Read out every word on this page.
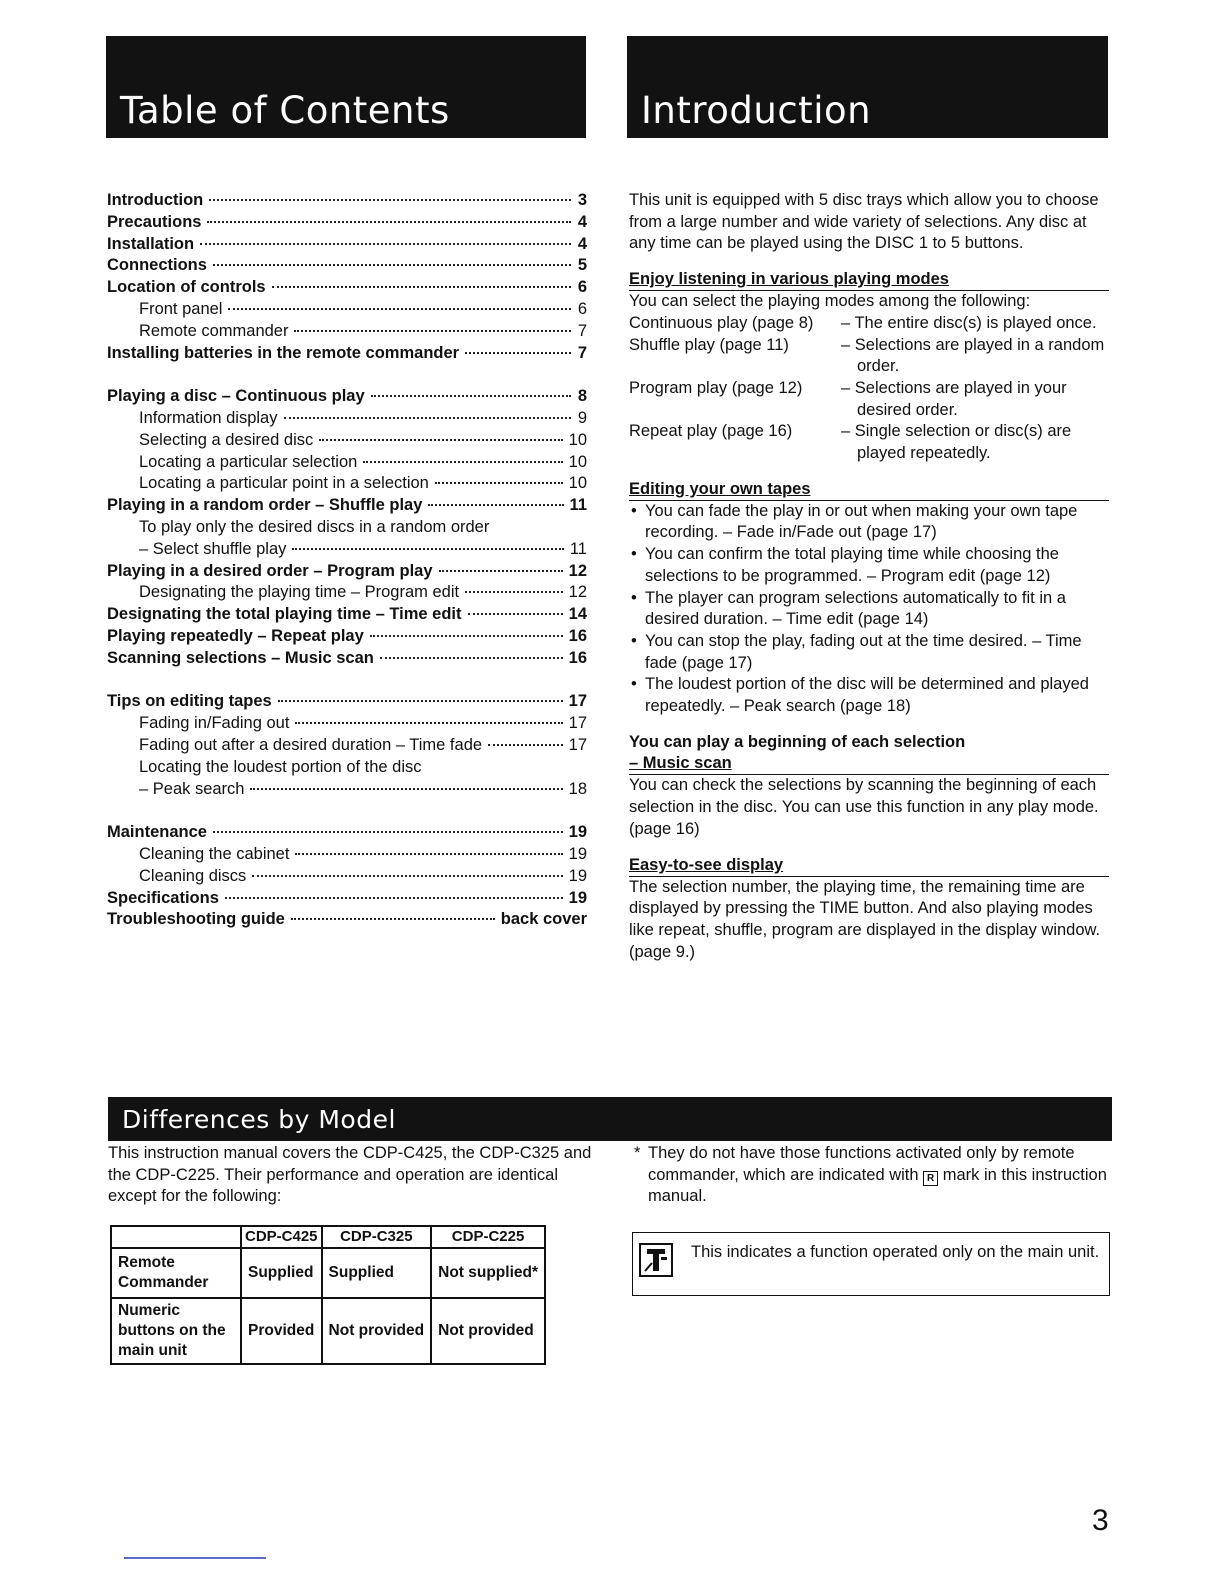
Table of Contents	Introduction
Introduction	3
Precautions	4
Installation	4
Connections	5
Location of controls	6
Front panel	6
Remote commander	7
Installing batteries in the remote commander	7
Playing a disc – Continuous play	8
Information display	9
Selecting a desired disc	10
Locating a particular selection	10
Locating a particular point in a selection	10
Playing in a random order – Shuffle play	11
To play only the desired discs in a random order
– Select shuffle play	11
Playing in a desired order – Program play	12
Designating the playing time – Program edit	12
Designating the total playing time – Time edit	14
Playing repeatedly – Repeat play	16
Scanning selections – Music scan	16
Tips on editing tapes	17
Fading in/Fading out	17
Fading out after a desired duration – Time fade	17
Locating the loudest portion of the disc
– Peak search	18
Maintenance	19
Cleaning the cabinet	19
Cleaning discs	19
Specifications	19
Troubleshooting guide	back cover

This unit is equipped with 5 disc trays which allow you to choose from a large number and wide variety of selections. Any disc at any time can be played using the DISC 1 to 5 buttons.

Enjoy listening in various playing modes

You can select the playing modes among the following:

Continuous play (page 8)	– The entire disc(s) is played once.
Shuffle play (page 11)	– Selections are played in a random order.
Program play (page 12)	– Selections are played in your desired order.
Repeat play (page 16)	– Single selection or disc(s) are played repeatedly.
Editing your own tapes
• You can fade the play in or out when making your own tape recording. – Fade in/Fade out (page 17)
• You can confirm the total playing time while choosing the selections to be programmed. – Program edit (page 12)
• The player can program selections automatically to fit in a desired duration. – Time edit (page 14)
• You can stop the play, fading out at the time desired. – Time fade (page 17)
• The loudest portion of the disc will be determined and played repeatedly. – Peak search (page 18)
You can play a beginning of each selection
– Music scan

You can check the selections by scanning the beginning of each selection in the disc. You can use this function in any play mode. (page 16)

Easy-to-see display

The selection number, the playing time, the remaining time are displayed by pressing the TIME button. And also playing modes like repeat, shuffle, program are displayed in the display window. (page 9.)

Differences by Model
This instruction manual covers the CDP-C425, the CDP-C325 and the CDP-C225. Their performance and operation are identical except for the following:
	CDP-C425	CDP-C325	CDP-C225
Remote Commander	Supplied	Supplied	Not supplied*
Numeric buttons on the main unit	Provided	Not provided	Not provided
* They do not have those functions activated only by remote commander, which are indicated with R mark in this instruction manual.
This indicates a function operated only on the main unit.
3
